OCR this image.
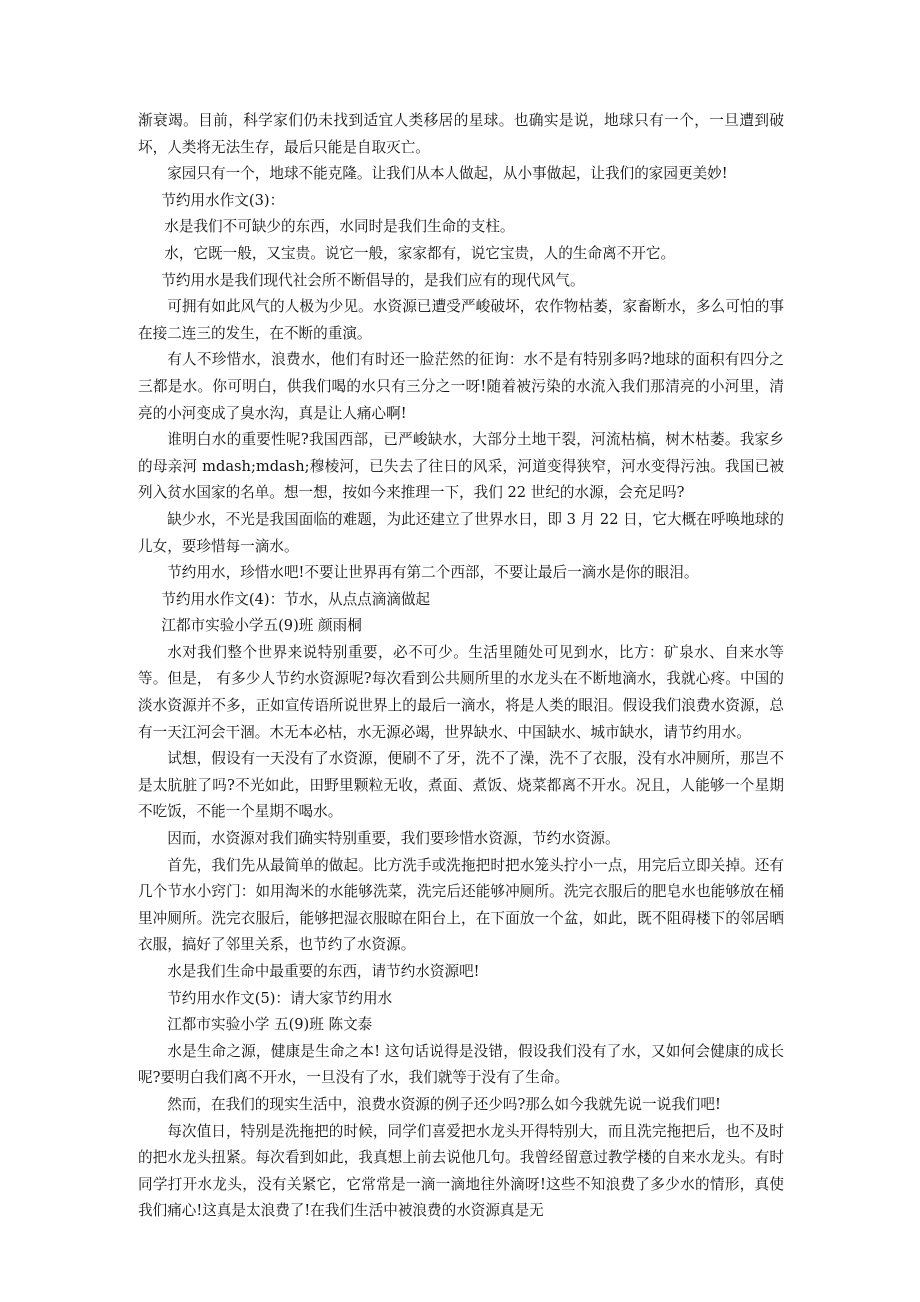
渐衰竭。目前，科学家们仍未找到适宜人类移居的星球。也确实是说，地球只有一个，一旦遭到破坏，人类将无法生存，最后只能是自取灭亡。

家园只有一个，地球不能克隆。让我们从本人做起，从小事做起，让我们的家园更美妙!

节约用水作文(3)：

水是我们不可缺少的东西，水同时是我们生命的支柱。

水，它既一般，又宝贵。说它一般，家家都有，说它宝贵，人的生命离不开它。

节约用水是我们现代社会所不断倡导的，是我们应有的现代风气。

可拥有如此风气的人极为少见。水资源已遭受严峻破坏，农作物枯萎，家畜断水，多么可怕的事在接二连三的发生，在不断的重演。

有人不珍惜水，浪费水，他们有时还一脸茫然的征询：水不是有特别多吗?地球的面积有四分之三都是水。你可明白，供我们喝的水只有三分之一呀!随着被污染的水流入我们那清亮的小河里，清亮的小河变成了臭水沟，真是让人痛心啊!

谁明白水的重要性呢?我国西部，已严峻缺水，大部分土地干裂，河流枯槁，树木枯萎。我家乡的母亲河 mdash;mdash;穆棱河，已失去了往日的风采，河道变得狭窄，河水变得污浊。我国已被列入贫水国家的名单。想一想，按如今来推理一下，我们 22 世纪的水源，会充足吗?

缺少水，不光是我国面临的难题，为此还建立了世界水日，即 3 月 22 日，它大概在呼唤地球的儿女，要珍惜每一滴水。

节约用水，珍惜水吧!不要让世界再有第二个西部，不要让最后一滴水是你的眼泪。

节约用水作文(4)：节水，从点点滴滴做起

江都市实验小学五(9)班 颜雨桐

水对我们整个世界来说特别重要，必不可少。生活里随处可见到水，比方：矿泉水、自来水等等。但是， 有多少人节约水资源呢?每次看到公共厕所里的水龙头在不断地滴水，我就心疼。中国的淡水资源并不多，正如宣传语所说世界上的最后一滴水，将是人类的眼泪。假设我们浪费水资源，总有一天江河会干涸。木无本必枯，水无源必竭，世界缺水、中国缺水、城市缺水，请节约用水。

试想，假设有一天没有了水资源，便刷不了牙，洗不了澡，洗不了衣服，没有水冲厕所，那岂不是太肮脏了吗?不光如此，田野里颗粒无收，煮面、煮饭、烧菜都离不开水。况且，人能够一个星期不吃饭，不能一个星期不喝水。

因而，水资源对我们确实特别重要，我们要珍惜水资源，节约水资源。

首先，我们先从最简单的做起。比方洗手或洗拖把时把水笼头拧小一点，用完后立即关掉。还有几个节水小窍门：如用淘米的水能够洗菜，洗完后还能够冲厕所。洗完衣服后的肥皂水也能够放在桶里冲厕所。洗完衣服后，能够把湿衣服晾在阳台上，在下面放一个盆，如此，既不阻碍楼下的邻居晒衣服，搞好了邻里关系，也节约了水资源。

水是我们生命中最重要的东西，请节约水资源吧!

节约用水作文(5)：请大家节约用水

江都市实验小学 五(9)班 陈文泰

水是生命之源，健康是生命之本! 这句话说得是没错，假设我们没有了水，又如何会健康的成长呢?要明白我们离不开水，一旦没有了水，我们就等于没有了生命。

然而，在我们的现实生活中，浪费水资源的例子还少吗?那么如今我就先说一说我们吧!

每次值日，特别是洗拖把的时候，同学们喜爱把水龙头开得特别大，而且洗完拖把后，也不及时的把水龙头扭紧。每次看到如此，我真想上前去说他几句。我曾经留意过教学楼的自来水龙头。有时同学打开水龙头，没有关紧它，它常常是一滴一滴地往外滴呀!这些不知浪费了多少水的情形，真使我们痛心!这真是太浪费了!在我们生活中被浪费的水资源真是无
